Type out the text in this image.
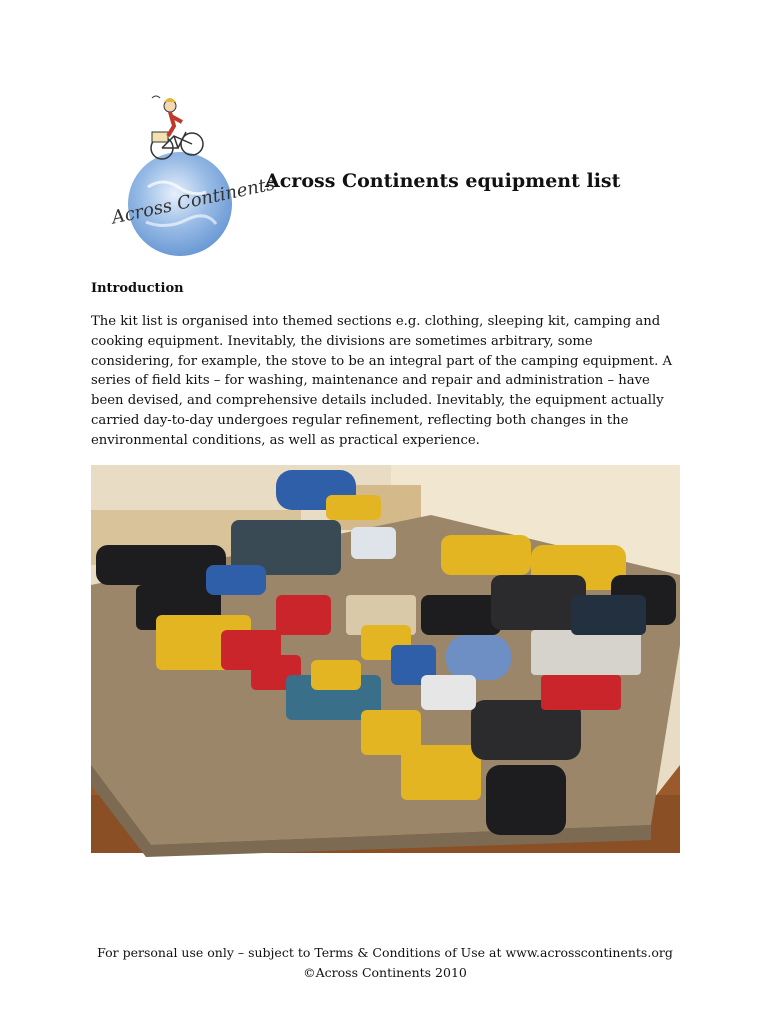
Across Continents
Across Continents equipment list
Introduction

The kit list is organised into themed sections e.g. clothing, sleeping kit, camping and
cooking equipment. Inevitably, the divisions are sometimes arbitrary, some
considering, for example, the stove to be an integral part of the camping equipment. A
series of field kits – for washing, maintenance and repair and administration – have
been devised, and comprehensive details included. Inevitably, the equipment actually
carried day-to-day undergoes regular refinement, reflecting both changes in the
environmental conditions, as well as practical experience.

For personal use only – subject to Terms & Conditions of Use at www.acrosscontinents.org
©Across Continents 2010
